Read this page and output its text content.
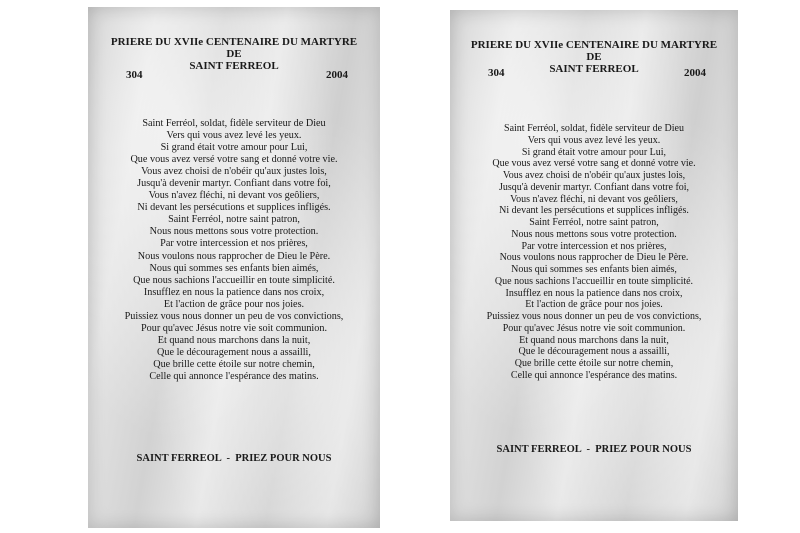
PRIERE DU XVIIe CENTENAIRE DU MARTYRE
DE
SAINT FERREOL
304	2004
Saint Ferréol, soldat, fidèle serviteur de Dieu
Vers qui vous avez levé les yeux.
Si grand était votre amour pour Lui,
Que vous avez versé votre sang et donné votre vie.
Vous avez choisi de n'obéir qu'aux justes lois,
Jusqu'à devenir martyr. Confiant dans votre foi,
Vous n'avez fléchi, ni devant vos geôliers,
Ni devant les persécutions et supplices infligés.
Saint Ferréol, notre saint patron,
Nous nous mettons sous votre protection.
Par votre intercession et nos prières,
Nous voulons nous rapprocher de Dieu le Père.
Nous qui sommes ses enfants bien aimés,
Que nous sachions l'accueillir en toute simplicité.
Insufflez en nous la patience dans nos croix,
Et l'action de grâce pour nos joies.
Puissiez vous nous donner un peu de vos convictions,
Pour qu'avec Jésus notre vie soit communion.
Et quand nous marchons dans la nuit,
Que le découragement nous a assailli,
Que brille cette étoile sur notre chemin,
Celle qui annonce l'espérance des matins.
SAINT FERREOL  -  PRIEZ POUR NOUS
PRIERE DU XVIIe CENTENAIRE DU MARTYRE
DE
SAINT FERREOL
304	2004
Saint Ferréol, soldat, fidèle serviteur de Dieu
Vers qui vous avez levé les yeux.
Si grand était votre amour pour Lui,
Que vous avez versé votre sang et donné votre vie.
Vous avez choisi de n'obéir qu'aux justes lois,
Jusqu'à devenir martyr. Confiant dans votre foi,
Vous n'avez fléchi, ni devant vos geôliers,
Ni devant les persécutions et supplices infligés.
Saint Ferréol, notre saint patron,
Nous nous mettons sous votre protection.
Par votre intercession et nos prières,
Nous voulons nous rapprocher de Dieu le Père.
Nous qui sommes ses enfants bien aimés,
Que nous sachions l'accueillir en toute simplicité.
Insufflez en nous la patience dans nos croix,
Et l'action de grâce pour nos joies.
Puissiez vous nous donner un peu de vos convictions,
Pour qu'avec Jésus notre vie soit communion.
Et quand nous marchons dans la nuit,
Que le découragement nous a assailli,
Que brille cette étoile sur notre chemin,
Celle qui annonce l'espérance des matins.
SAINT FERREOL  -  PRIEZ POUR NOUS
